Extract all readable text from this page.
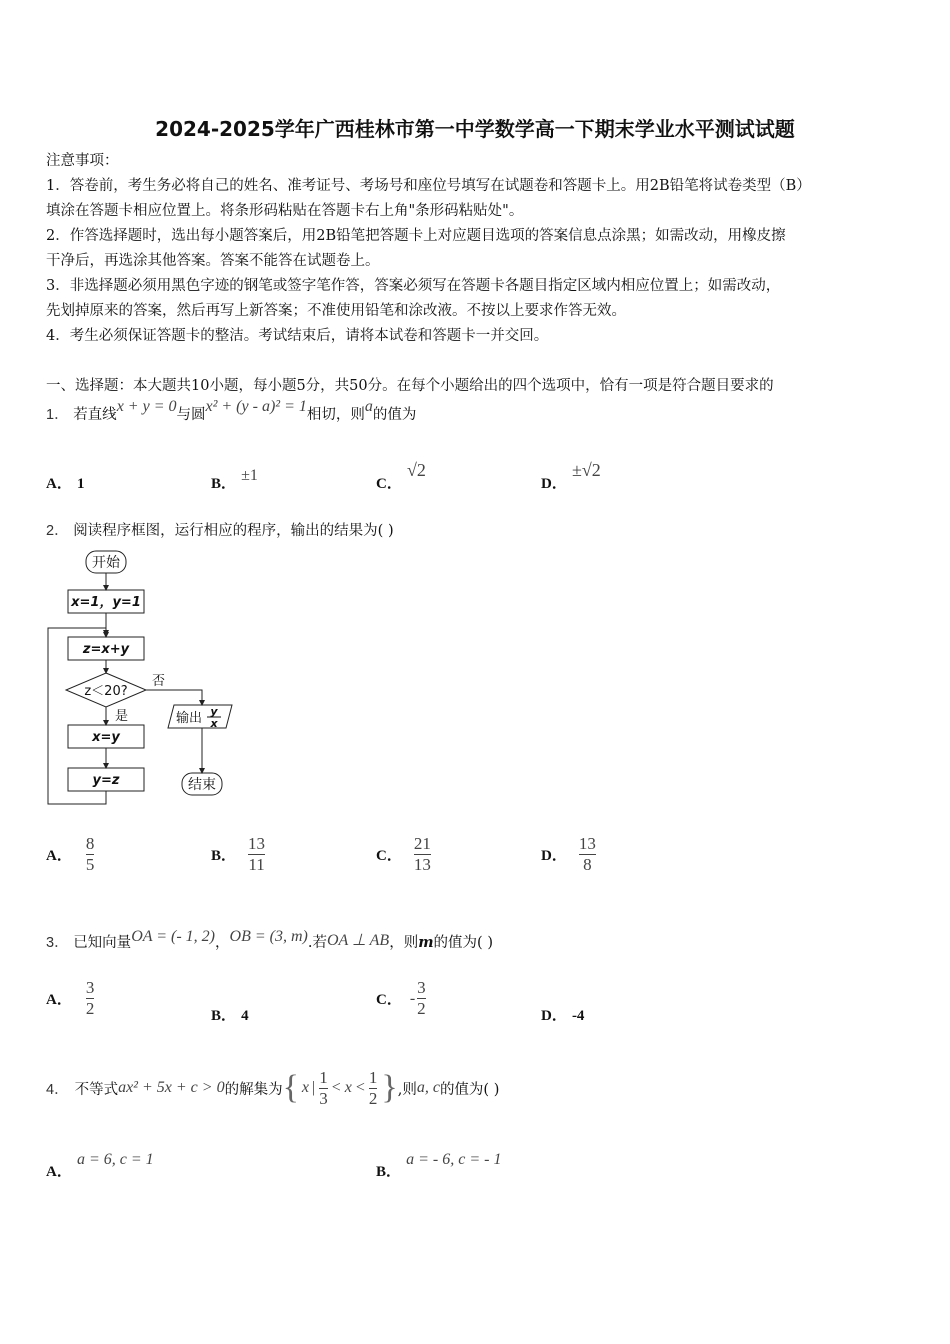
2024-2025学年广西桂林市第一中学数学高一下期末学业水平测试试题
注意事项：
1．答卷前，考生务必将自己的姓名、准考证号、考场号和座位号填写在试题卷和答题卡上。用2B铅笔将试卷类型（B）
填涂在答题卡相应位置上。将条形码粘贴在答题卡右上角"条形码粘贴处"。
2．作答选择题时，选出每小题答案后，用2B铅笔把答题卡上对应题目选项的答案信息点涂黑；如需改动，用橡皮擦
干净后，再选涂其他答案。答案不能答在试题卷上。
3．非选择题必须用黑色字迹的钢笔或签字笔作答，答案必须写在答题卡各题目指定区域内相应位置上；如需改动，
先划掉原来的答案，然后再写上新答案；不准使用铅笔和涂改液。不按以上要求作答无效。
4．考生必须保证答题卡的整洁。考试结束后，请将本试卷和答题卡一并交回。
一、选择题：本大题共10小题，每小题5分，共50分。在每个小题给出的四个选项中，恰有一项是符合题目要求的
1． 若直线x + y = 0与圆x² + (y - a)² = 1相切，则a的值为
A． 1	B． ±1	C． √2
D． ±√2
2． 阅读程序框图，运行相应的程序，输出的结果为( )
开始
x=1，y=1
z=x+y
z＜20?
否
是
x=y
y=z
输出 y
x
结束
A． $\frac{8}{5}$	B． $\frac{13}{11}$	C． $\frac{21}{13}$	D． $\frac{13}{8}$
3． 已知向量OA = (- 1, 2)，OB = (3, m).若OA ⊥ AB，则m的值为( )
A． $\frac{3}{2}$	B． 4
C． - $\frac{3}{2}$	D． -4
4． 不等式 ax² + 5x + c > 0 的解集为 { x | $\frac{1}{3} < x < \frac{1}{2}$ } ,则 a, c 的值为( )
A． a = 6, c = 1
B． a = - 6, c = - 1
